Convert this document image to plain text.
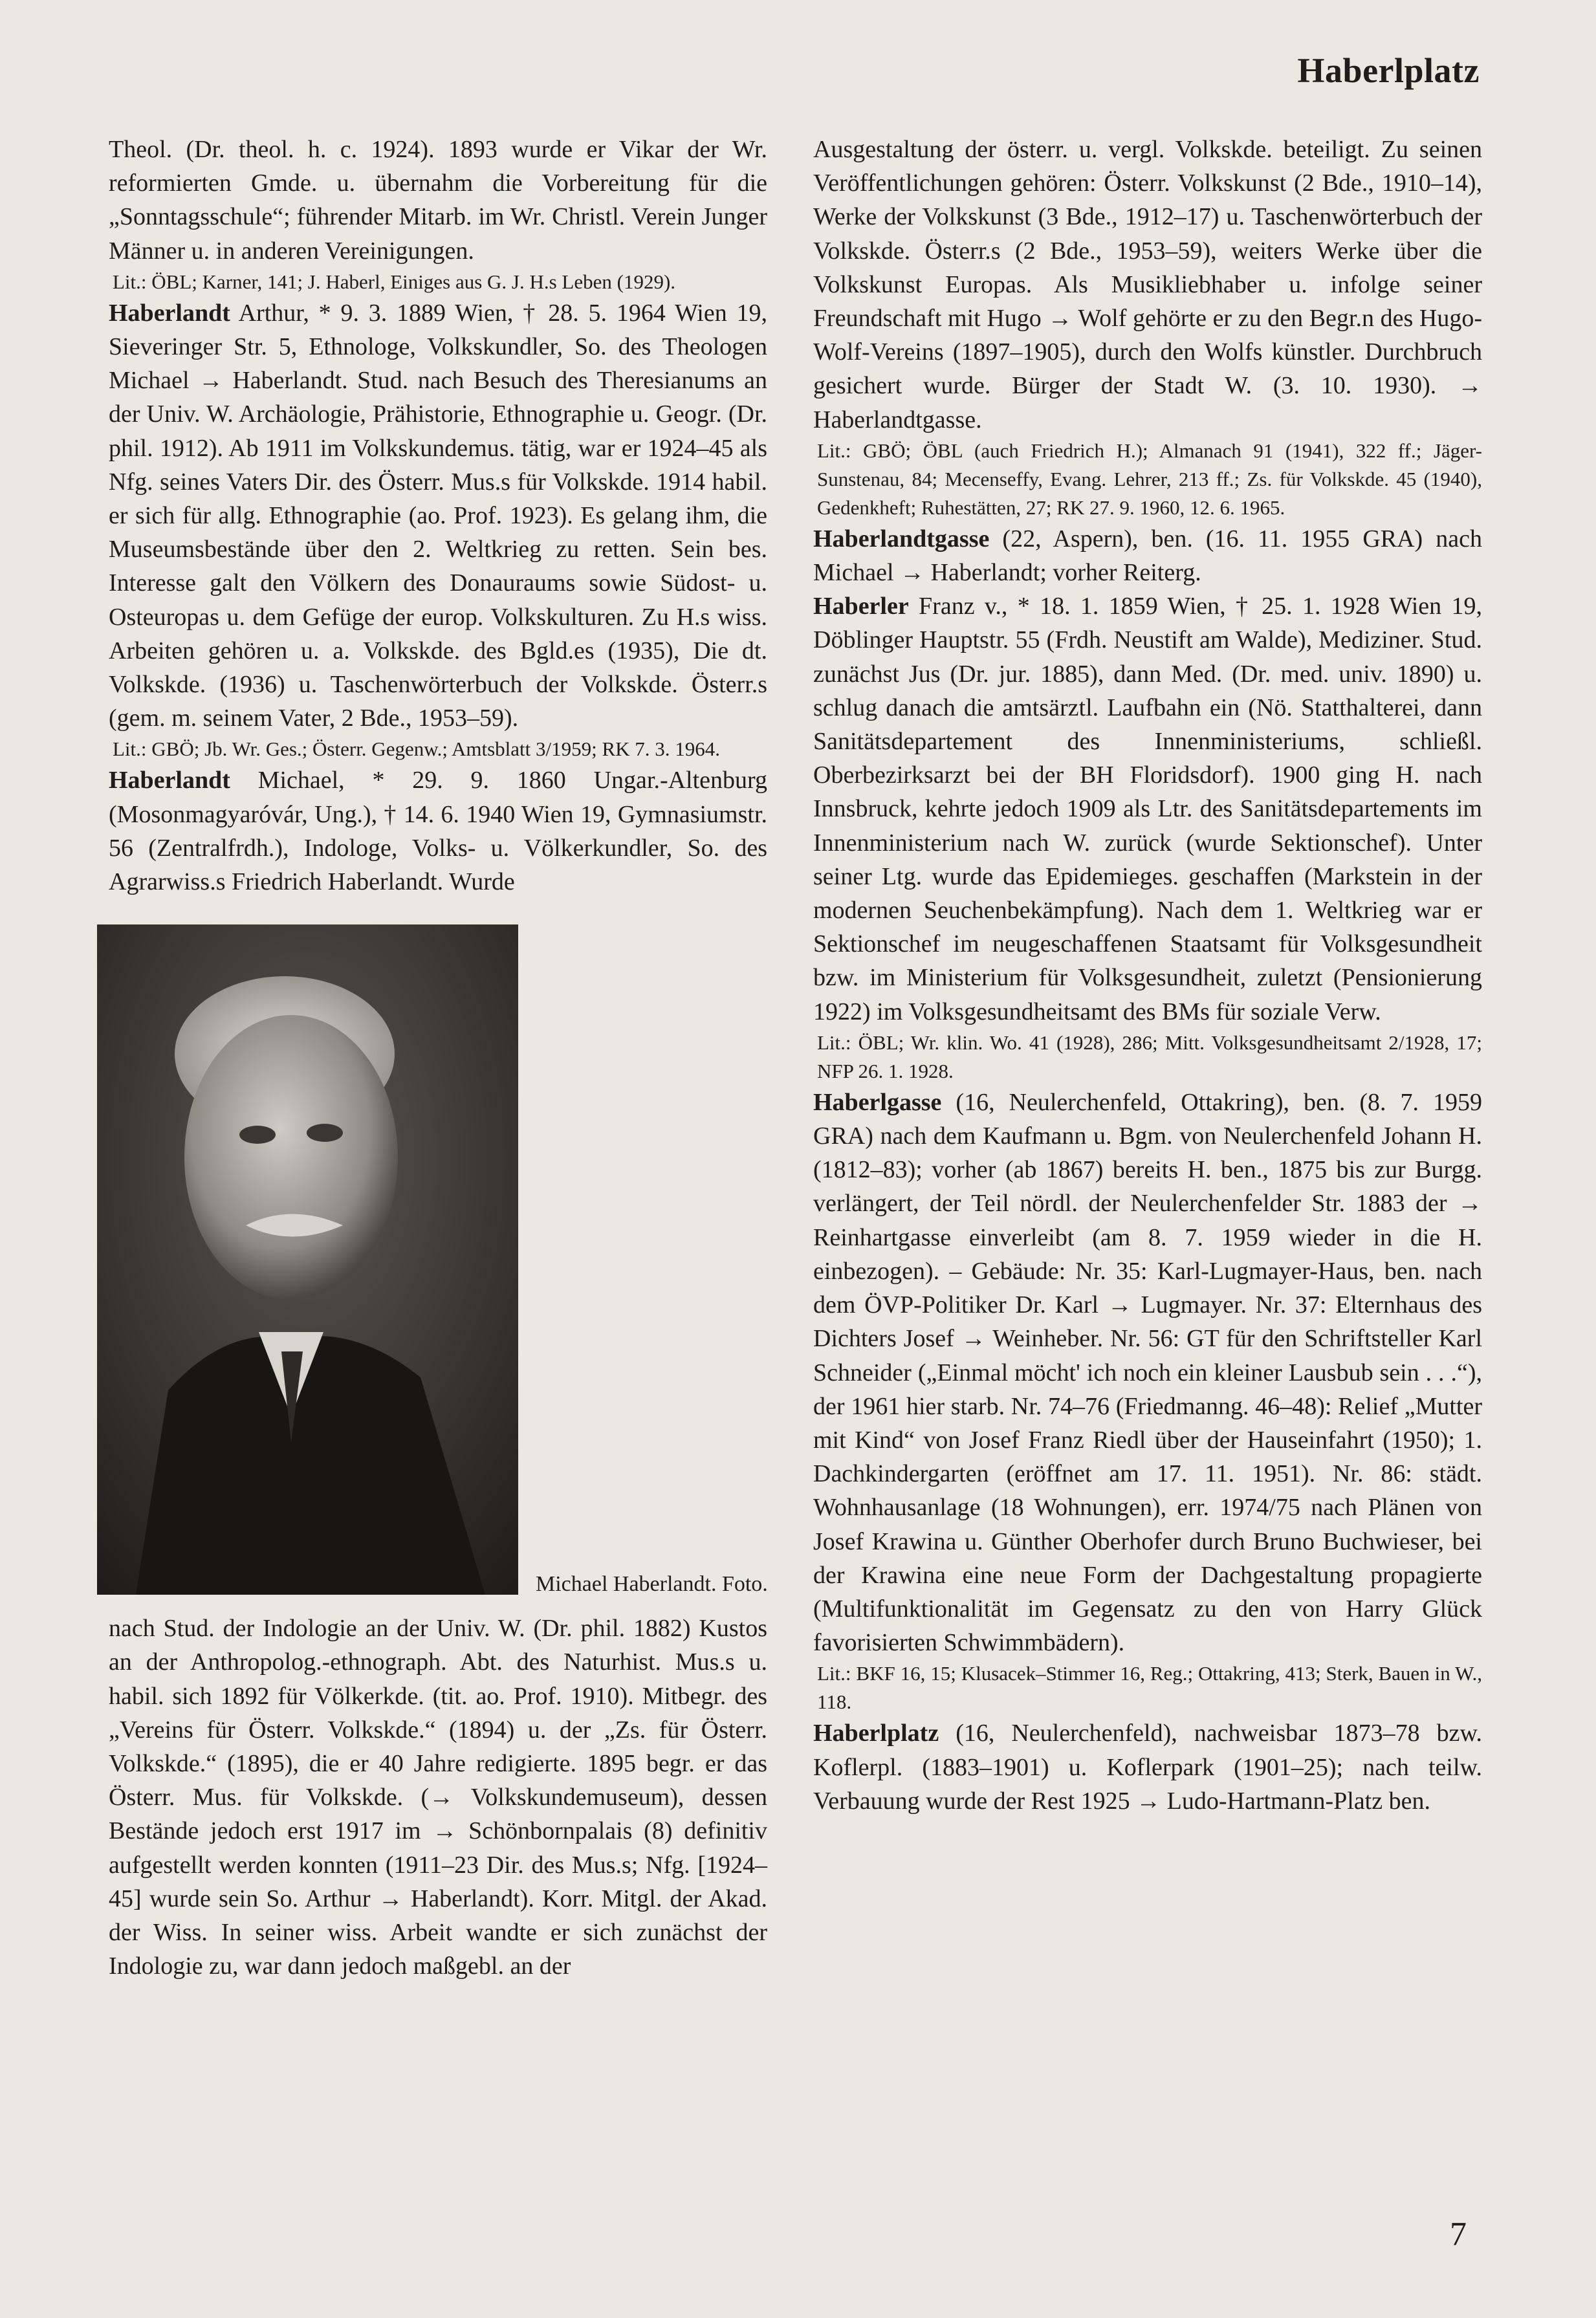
Haberlplatz

Theol. (Dr. theol. h. c. 1924). 1893 wurde er Vikar der Wr. reformierten Gmde. u. übernahm die Vorbereitung für die „Sonntagsschule“; führender Mitarb. im Wr. Christl. Verein Junger Männer u. in anderen Vereinigungen.

Lit.: ÖBL; Karner, 141; J. Haberl, Einiges aus G. J. H.s Leben (1929).

Haberlandt Arthur, * 9. 3. 1889 Wien, † 28. 5. 1964 Wien 19, Sieveringer Str. 5, Ethnologe, Volkskundler, So. des Theologen Michael → Haberlandt. Stud. nach Besuch des Theresianums an der Univ. W. Archäologie, Prähistorie, Ethnographie u. Geogr. (Dr. phil. 1912). Ab 1911 im Volkskundemus. tätig, war er 1924–45 als Nfg. seines Vaters Dir. des Österr. Mus.s für Volkskde. 1914 habil. er sich für allg. Ethnographie (ao. Prof. 1923). Es gelang ihm, die Museumsbestände über den 2. Weltkrieg zu retten. Sein bes. Interesse galt den Völkern des Donauraums sowie Südost- u. Osteuropas u. dem Gefüge der europ. Volkskulturen. Zu H.s wiss. Arbeiten gehören u. a. Volkskde. des Bgld.es (1935), Die dt. Volkskde. (1936) u. Taschenwörterbuch der Volkskde. Österr.s (gem. m. seinem Vater, 2 Bde., 1953–59).

Lit.: GBÖ; Jb. Wr. Ges.; Österr. Gegenw.; Amtsblatt 3/1959; RK 7. 3. 1964.

Haberlandt Michael, * 29. 9. 1860 Ungar.-Altenburg (Mosonmagyaróvár, Ung.), † 14. 6. 1940 Wien 19, Gymnasiumstr. 56 (Zentralfrdh.), Indologe, Volks- u. Völkerkundler, So. des Agrarwiss.s Friedrich Haberlandt. Wurde

Michael Haberlandt. Foto.

nach Stud. der Indologie an der Univ. W. (Dr. phil. 1882) Kustos an der Anthropolog.-ethnograph. Abt. des Naturhist. Mus.s u. habil. sich 1892 für Völkerkde. (tit. ao. Prof. 1910). Mitbegr. des „Vereins für Österr. Volkskde.“ (1894) u. der „Zs. für Österr. Volkskde.“ (1895), die er 40 Jahre redigierte. 1895 begr. er das Österr. Mus. für Volkskde. (→ Volkskundemuseum), dessen Bestände jedoch erst 1917 im → Schönbornpalais (8) definitiv aufgestellt werden konnten (1911–23 Dir. des Mus.s; Nfg. [1924–45] wurde sein So. Arthur → Haberlandt). Korr. Mitgl. der Akad. der Wiss. In seiner wiss. Arbeit wandte er sich zunächst der Indologie zu, war dann jedoch maßgebl. an der

Ausgestaltung der österr. u. vergl. Volkskde. beteiligt. Zu seinen Veröffentlichungen gehören: Österr. Volkskunst (2 Bde., 1910–14), Werke der Volkskunst (3 Bde., 1912–17) u. Taschenwörterbuch der Volkskde. Österr.s (2 Bde., 1953–59), weiters Werke über die Volkskunst Europas. Als Musikliebhaber u. infolge seiner Freundschaft mit Hugo → Wolf gehörte er zu den Begr.n des Hugo-Wolf-Vereins (1897–1905), durch den Wolfs künstler. Durchbruch gesichert wurde. Bürger der Stadt W. (3. 10. 1930). → Haberlandtgasse.

Lit.: GBÖ; ÖBL (auch Friedrich H.); Almanach 91 (1941), 322 ff.; Jäger-Sunstenau, 84; Mecenseffy, Evang. Lehrer, 213 ff.; Zs. für Volkskde. 45 (1940), Gedenkheft; Ruhestätten, 27; RK 27. 9. 1960, 12. 6. 1965.

Haberlandtgasse (22, Aspern), ben. (16. 11. 1955 GRA) nach Michael → Haberlandt; vorher Reiterg.

Haberler Franz v., * 18. 1. 1859 Wien, † 25. 1. 1928 Wien 19, Döblinger Hauptstr. 55 (Frdh. Neustift am Walde), Mediziner. Stud. zunächst Jus (Dr. jur. 1885), dann Med. (Dr. med. univ. 1890) u. schlug danach die amtsärztl. Laufbahn ein (Nö. Statthalterei, dann Sanitätsdepartement des Innenministeriums, schließl. Oberbezirksarzt bei der BH Floridsdorf). 1900 ging H. nach Innsbruck, kehrte jedoch 1909 als Ltr. des Sanitätsdepartements im Innenministerium nach W. zurück (wurde Sektionschef). Unter seiner Ltg. wurde das Epidemieges. geschaffen (Markstein in der modernen Seuchenbekämpfung). Nach dem 1. Weltkrieg war er Sektionschef im neugeschaffenen Staatsamt für Volksgesundheit bzw. im Ministerium für Volksgesundheit, zuletzt (Pensionierung 1922) im Volksgesundheitsamt des BMs für soziale Verw.

Lit.: ÖBL; Wr. klin. Wo. 41 (1928), 286; Mitt. Volksgesundheitsamt 2/1928, 17; NFP 26. 1. 1928.

Haberlgasse (16, Neulerchenfeld, Ottakring), ben. (8. 7. 1959 GRA) nach dem Kaufmann u. Bgm. von Neulerchenfeld Johann H. (1812–83); vorher (ab 1867) bereits H. ben., 1875 bis zur Burgg. verlängert, der Teil nördl. der Neulerchenfelder Str. 1883 der → Reinhartgasse einverleibt (am 8. 7. 1959 wieder in die H. einbezogen). – Gebäude: Nr. 35: Karl-Lugmayer-Haus, ben. nach dem ÖVP-Politiker Dr. Karl → Lugmayer. Nr. 37: Elternhaus des Dichters Josef → Weinheber. Nr. 56: GT für den Schriftsteller Karl Schneider („Einmal möcht' ich noch ein kleiner Lausbub sein . . .“), der 1961 hier starb. Nr. 74–76 (Friedmanng. 46–48): Relief „Mutter mit Kind“ von Josef Franz Riedl über der Hauseinfahrt (1950); 1. Dachkindergarten (eröffnet am 17. 11. 1951). Nr. 86: städt. Wohnhausanlage (18 Wohnungen), err. 1974/75 nach Plänen von Josef Krawina u. Günther Oberhofer durch Bruno Buchwieser, bei der Krawina eine neue Form der Dachgestaltung propagierte (Multifunktionalität im Gegensatz zu den von Harry Glück favorisierten Schwimmbädern).

Lit.: BKF 16, 15; Klusacek–Stimmer 16, Reg.; Ottakring, 413; Sterk, Bauen in W., 118.

Haberlplatz (16, Neulerchenfeld), nachweisbar 1873–78 bzw. Koflerpl. (1883–1901) u. Koflerpark (1901–25); nach teilw. Verbauung wurde der Rest 1925 → Ludo-Hartmann-Platz ben.

7
